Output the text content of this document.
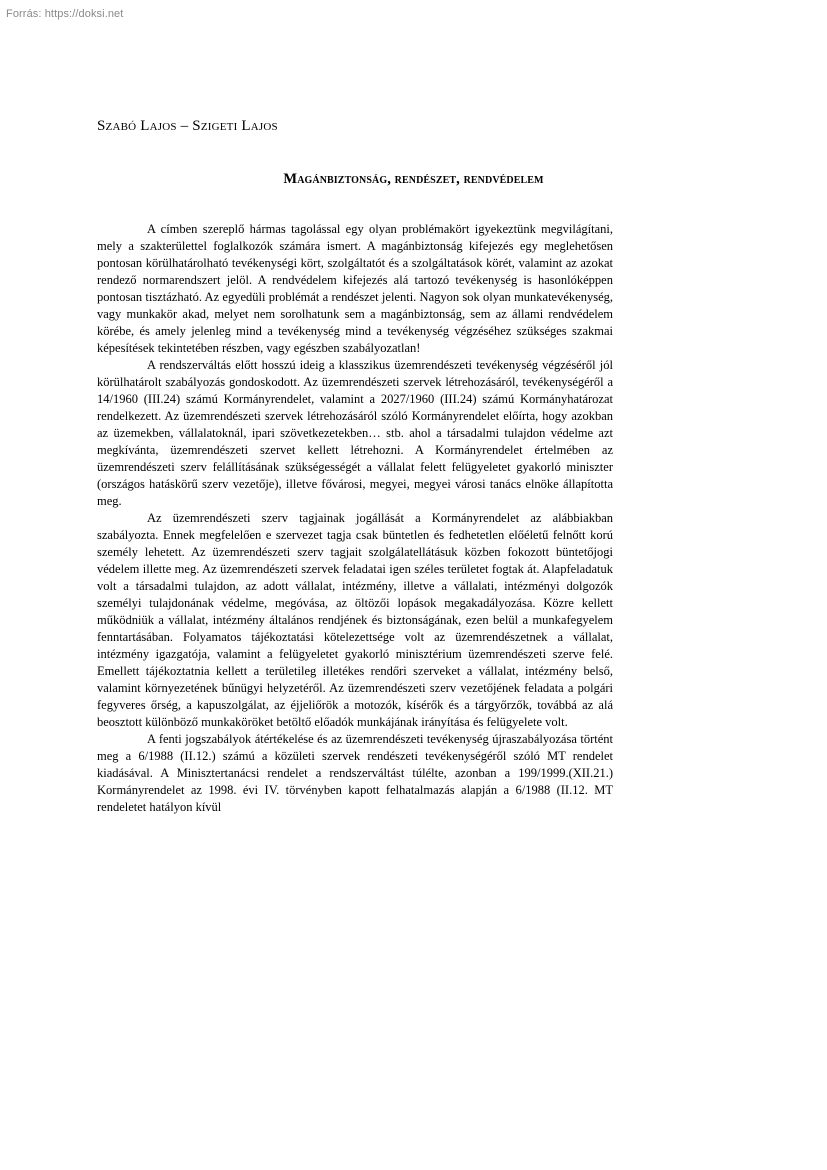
Forrás: https://doksi.net
Szabó Lajos – Szigeti Lajos
Magánbiztonság, rendészet, rendvédelem

A címben szereplő hármas tagolással egy olyan problémakört igyekeztünk megvilágítani, mely a szakterülettel foglalkozók számára ismert. A magánbiztonság kifejezés egy meglehetősen pontosan körülhatárolható tevékenységi kört, szolgáltatót és a szolgáltatások körét, valamint az azokat rendező normarendszert jelöl. A rendvédelem kifejezés alá tartozó tevékenység is hasonlóképpen pontosan tisztázható. Az egyedüli problémát a rendészet jelenti. Nagyon sok olyan munkatevékenység, vagy munkakör akad, melyet nem sorolhatunk sem a magánbiztonság, sem az állami rendvédelem körébe, és amely jelenleg mind a tevékenység mind a tevékenység végzéséhez szükséges szakmai képesítések tekintetében részben, vagy egészben szabályozatlan!

A rendszerváltás előtt hosszú ideig a klasszikus üzemrendészeti tevékenység végzéséről jól körülhatárolt szabályozás gondoskodott. Az üzemrendészeti szervek létrehozásáról, tevékenységéről a 14/1960 (III.24) számú Kormányrendelet, valamint a 2027/1960 (III.24) számú Kormányhatározat rendelkezett. Az üzemrendészeti szervek létrehozásáról szóló Kormányrendelet előírta, hogy azokban az üzemekben, vállalatoknál, ipari szövetkezetekben… stb. ahol a társadalmi tulajdon védelme azt megkívánta, üzemrendészeti szervet kellett létrehozni. A Kormányrendelet értelmében az üzemrendészeti szerv felállításának szükségességét a vállalat felett felügyeletet gyakorló miniszter (országos hatáskörű szerv vezetője), illetve fővárosi, megyei, megyei városi tanács elnöke állapította meg.

Az üzemrendészeti szerv tagjainak jogállását a Kormányrendelet az alábbiakban szabályozta. Ennek megfelelően e szervezet tagja csak büntetlen és fedhetetlen előéletű felnőtt korú személy lehetett. Az üzemrendészeti szerv tagjait szolgálatellátásuk közben fokozott büntetőjogi védelem illette meg. Az üzemrendészeti szervek feladatai igen széles területet fogtak át. Alapfeladatuk volt a társadalmi tulajdon, az adott vállalat, intézmény, illetve a vállalati, intézményi dolgozók személyi tulajdonának védelme, megóvása, az öltözői lopások megakadályozása. Közre kellett működniük a vállalat, intézmény általános rendjének és biztonságának, ezen belül a munkafegyelem fenntartásában. Folyamatos tájékoztatási kötelezettsége volt az üzemrendészetnek a vállalat, intézmény igazgatója, valamint a felügyeletet gyakorló minisztérium üzemrendészeti szerve felé. Emellett tájékoztatnia kellett a területileg illetékes rendőri szerveket a vállalat, intézmény belső, valamint környezetének bűnügyi helyzetéről. Az üzemrendészeti szerv vezetőjének feladata a polgári fegyveres őrség, a kapuszolgálat, az éjjeliőrök a motozók, kísérők és a tárgyőrzők, továbbá az alá beosztott különböző munkaköröket betöltő előadók munkájának irányítása és felügyelete volt.

A fenti jogszabályok átértékelése és az üzemrendészeti tevékenység újraszabályozása történt meg a 6/1988 (II.12.) számú a közületi szervek rendészeti tevékenységéről szóló MT rendelet kiadásával. A Minisztertanácsi rendelet a rendszerváltást túlélte, azonban a 199/1999.(XII.21.) Kormányrendelet az 1998. évi IV. törvényben kapott felhatalmazás alapján a 6/1988 (II.12. MT rendeletet hatályon kívül
